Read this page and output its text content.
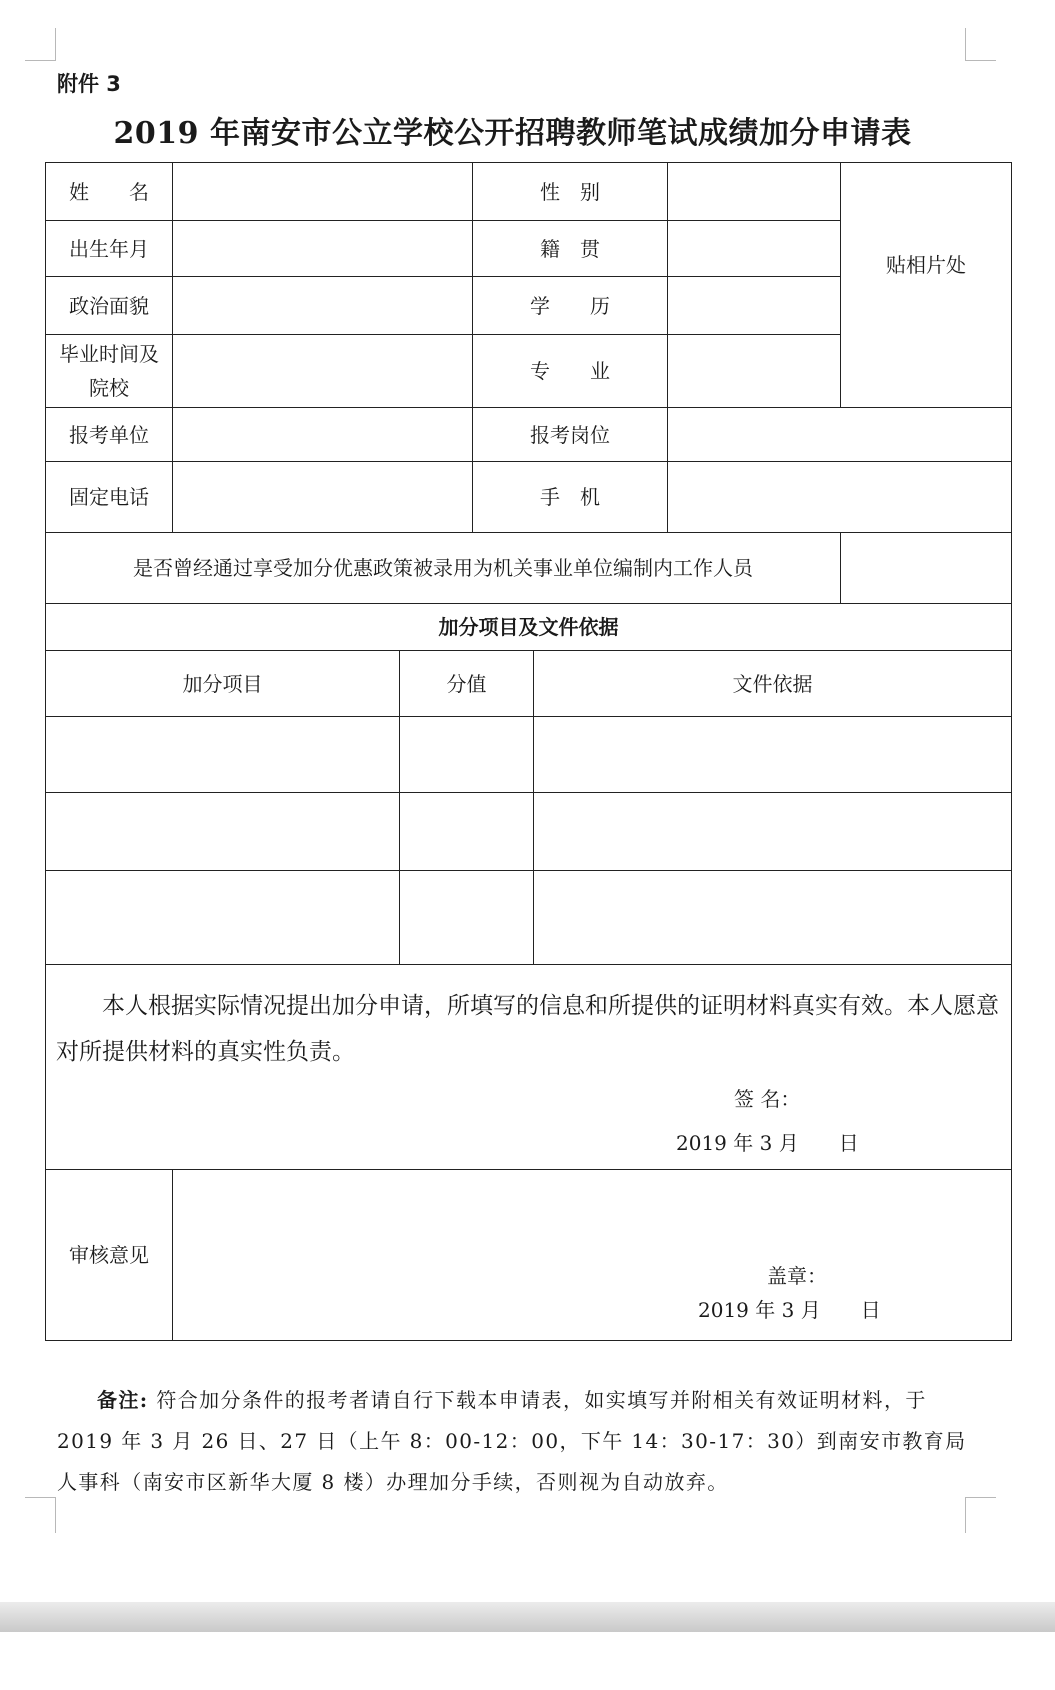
附件 3
2019 年南安市公立学校公开招聘教师笔试成绩加分申请表
姓　　名			性　别			贴相片处
出生年月			籍　贯			
政治面貌			学　　历			
毕业时间及
院校			专　　业			
报考单位			报考岗位			
固定电话			手　机			
是否曾经通过享受加分优惠政策被录用为机关事业单位编制内工作人员						
加分项目及文件依据						
加分项目		分值		文件依据		

本人根据实际情况提出加分申请，所填写的信息和所提供的证明材料真实有效。本人愿意对所提供材料的真实性负责。

签 名：
2019 年 3 月　　日						

审核意见	盖章：
2019 年 3 月　　日					
备注: 符合加分条件的报考者请自行下载本申请表，如实填写并附相关有效证明材料，于 2019 年 3 月 26 日、27 日（上午 8：00-12：00，下午 14：30-17：30）到南安市教育局人事科（南安市区新华大厦 8 楼）办理加分手续，否则视为自动放弃。
